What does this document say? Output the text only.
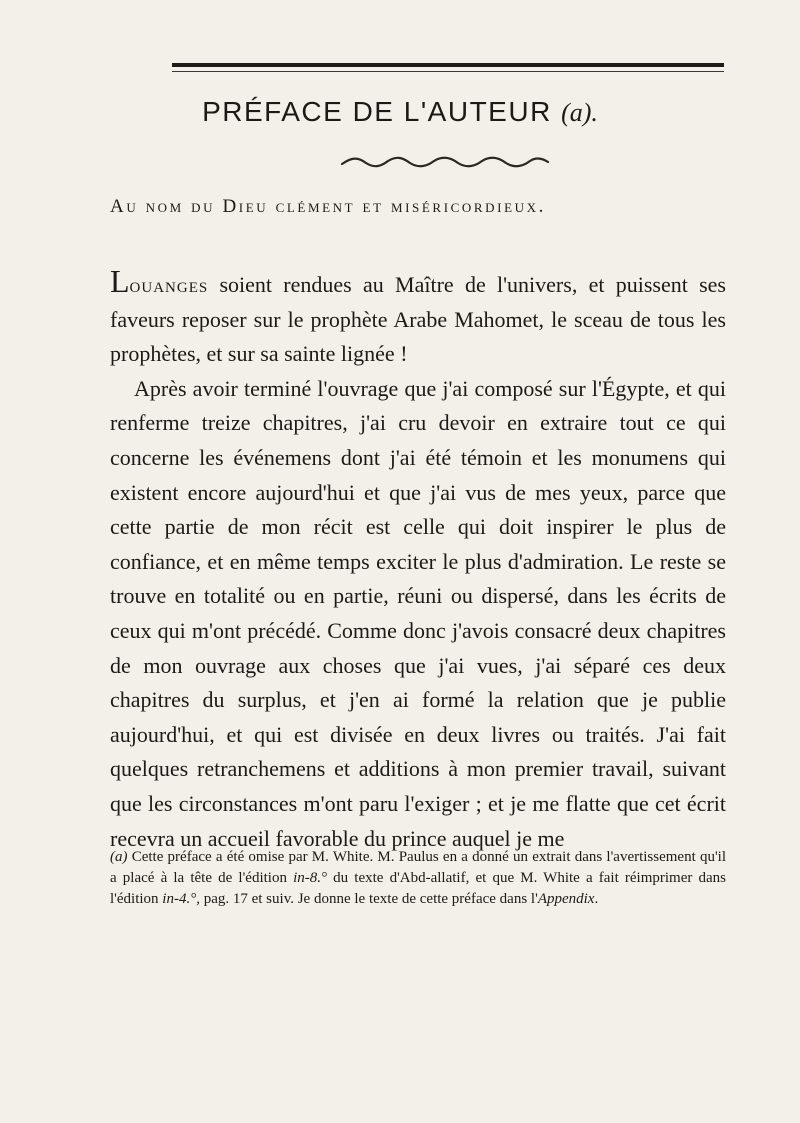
PRÉFACE DE L'AUTEUR (a).
Au nom du Dieu clément et miséricordieux.

Louanges soient rendues au Maître de l'univers, et puissent ses faveurs reposer sur le prophète Arabe Mahomet, le sceau de tous les prophètes, et sur sa sainte lignée !

Après avoir terminé l'ouvrage que j'ai composé sur l'Égypte, et qui renferme treize chapitres, j'ai cru devoir en extraire tout ce qui concerne les événemens dont j'ai été témoin et les monumens qui existent encore aujourd'hui et que j'ai vus de mes yeux, parce que cette partie de mon récit est celle qui doit inspirer le plus de confiance, et en même temps exciter le plus d'admiration. Le reste se trouve en totalité ou en partie, réuni ou dispersé, dans les écrits de ceux qui m'ont précédé. Comme donc j'avois consacré deux chapitres de mon ouvrage aux choses que j'ai vues, j'ai séparé ces deux chapitres du surplus, et j'en ai formé la relation que je publie aujourd'hui, et qui est divisée en deux livres ou traités. J'ai fait quelques retranchemens et additions à mon premier travail, suivant que les circonstances m'ont paru l'exiger ; et je me flatte que cet écrit recevra un accueil favorable du prince auquel je me

(a) Cette préface a été omise par M. White. M. Paulus en a donné un extrait dans l'avertissement qu'il a placé à la tête de l'édition in-8.° du texte d'Abd-allatif, et que M. White a fait réimprimer dans l'édition in-4.°, pag. 17 et suiv. Je donne le texte de cette préface dans l'Appendix.
